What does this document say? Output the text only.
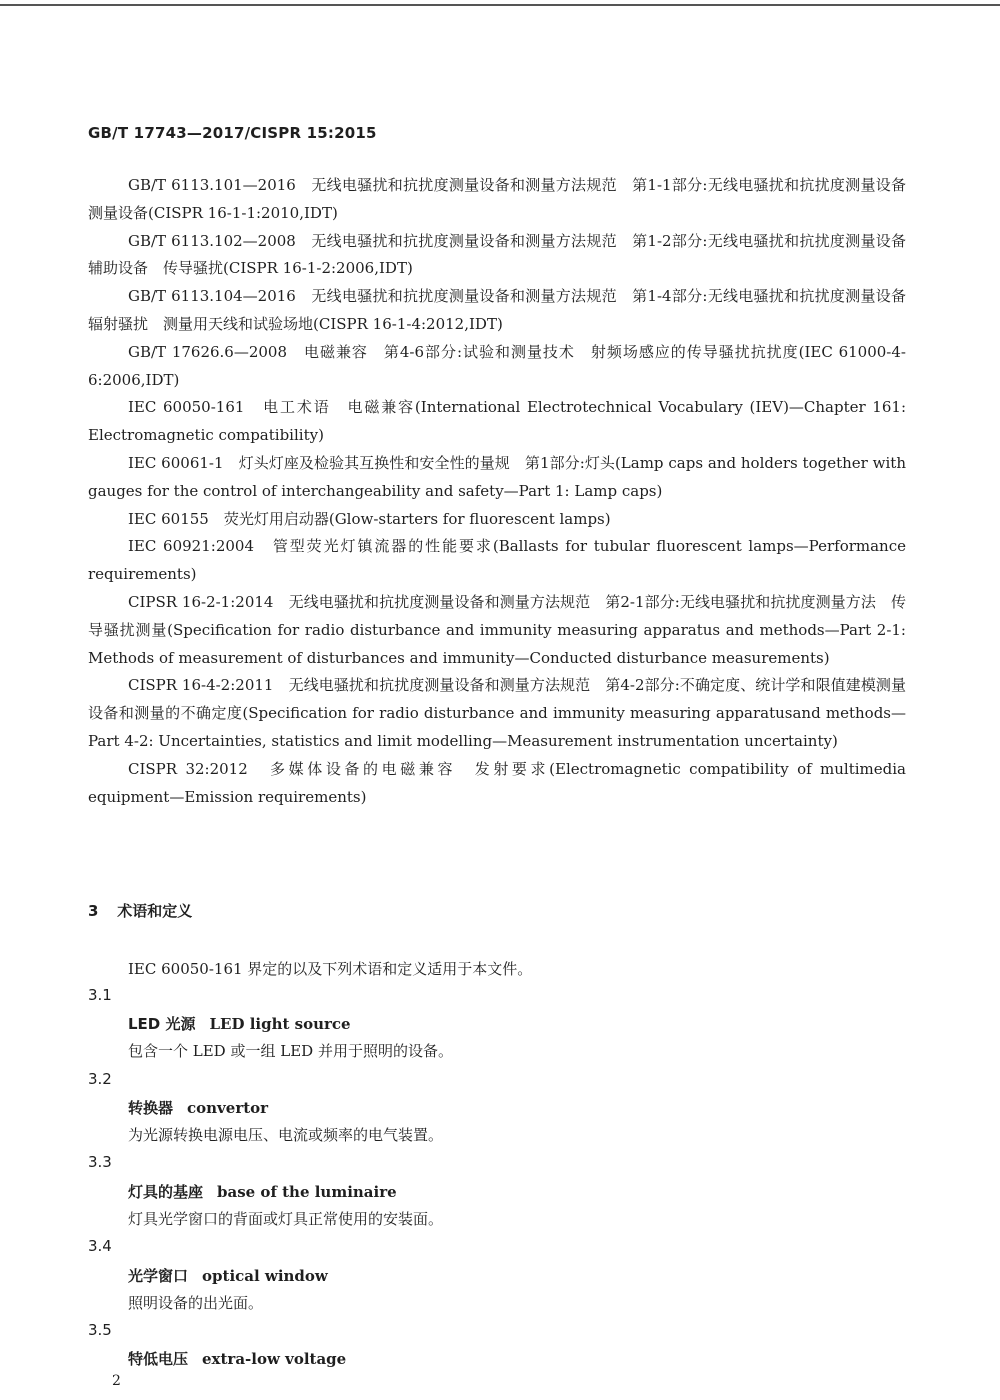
GB/T 17743—2017/CISPR 15:2015

GB/T 6113.101—2016　无线电骚扰和抗扰度测量设备和测量方法规范　第1-1部分:无线电骚扰和抗扰度测量设备　测量设备(CISPR 16-1-1:2010,IDT)

GB/T 6113.102—2008　无线电骚扰和抗扰度测量设备和测量方法规范　第1-2部分:无线电骚扰和抗扰度测量设备　辅助设备　传导骚扰(CISPR 16-1-2:2006,IDT)

GB/T 6113.104—2016　无线电骚扰和抗扰度测量设备和测量方法规范　第1-4部分:无线电骚扰和抗扰度测量设备　辐射骚扰　测量用天线和试验场地(CISPR 16-1-4:2012,IDT)

GB/T 17626.6—2008　电磁兼容　第4-6部分:试验和测量技术　射频场感应的传导骚扰抗扰度(IEC 61000-4-6:2006,IDT)

IEC 60050-161　电工术语　电磁兼容(International Electrotechnical Vocabulary (IEV)—Chapter 161: Electromagnetic compatibility)

IEC 60061-1　灯头灯座及检验其互换性和安全性的量规　第1部分:灯头(Lamp caps and holders together with gauges for the control of interchangeability and safety—Part 1: Lamp caps)

IEC 60155　荧光灯用启动器(Glow-starters for fluorescent lamps)

IEC 60921:2004　管型荧光灯镇流器的性能要求(Ballasts for tubular fluorescent lamps—Performance requirements)

CIPSR 16-2-1:2014　无线电骚扰和抗扰度测量设备和测量方法规范　第2-1部分:无线电骚扰和抗扰度测量方法　传导骚扰测量(Specification for radio disturbance and immunity measuring apparatus and methods—Part 2-1: Methods of measurement of disturbances and immunity—Conducted disturbance measurements)

CISPR 16-4-2:2011　无线电骚扰和抗扰度测量设备和测量方法规范　第4-2部分:不确定度、统计学和限值建模测量设备和测量的不确定度(Specification for radio disturbance and immunity measuring apparatusand methods—Part 4-2: Uncertainties, statistics and limit modelling—Measurement instrumentation uncertainty)

CISPR 32:2012　多媒体设备的电磁兼容　发射要求(Electromagnetic compatibility of multimedia equipment—Emission requirements)

3 术语和定义
IEC 60050-161 界定的以及下列术语和定义适用于本文件。
3.1
LED 光源 LED light source
包含一个 LED 或一组 LED 并用于照明的设备。
3.2
转换器 convertor
为光源转换电源电压、电流或频率的电气装置。
3.3
灯具的基座 base of the luminaire
灯具光学窗口的背面或灯具正常使用的安装面。
3.4
光学窗口 optical window
照明设备的出光面。
3.5
特低电压 extra-low voltage
2
